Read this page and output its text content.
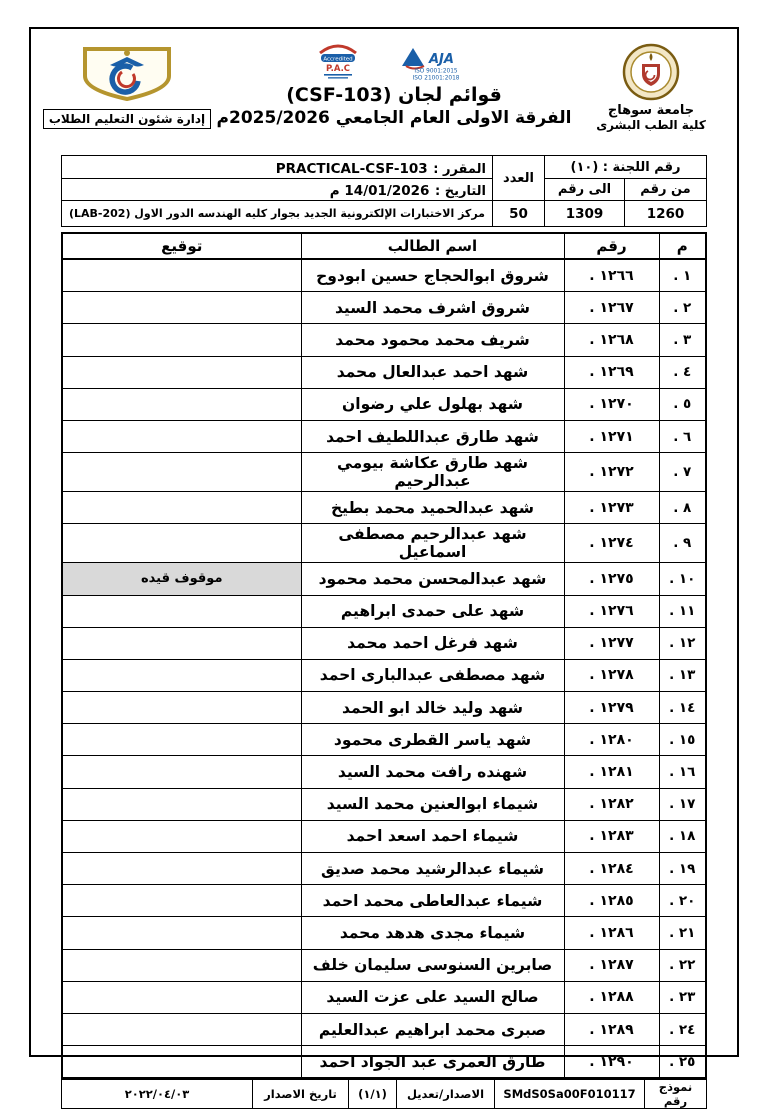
جامعة سوهاج
كلية الطب البشرى
Accredited
P.A.C
AJA
ISO 9001:2015
ISO 21001:2018
قوائم لجان (CSF-103)
الفرقة الاولى العام الجامعي 2025/2026م
إدارة شئون التعليم الطلاب
رقم اللجنة : (١٠)		العدد	المقرر : PRACTICAL-CSF-103
من رقم	الى رقم		التاريخ : 14/01/2026 م
1260	1309	50	مركز الاختبارات الإلكترونية الجديد بجوار كليه الهندسه الدور الاول (LAB-202)
م	رقم	اسم الطالب	توقيع
١ .	١٢٦٦ .	شروق ابوالحجاج حسين ابودوح	
٢ .	١٢٦٧ .	شروق اشرف محمد السيد	
٣ .	١٢٦٨ .	شريف محمد محمود محمد	
٤ .	١٢٦٩ .	شهد احمد عبدالعال محمد	
٥ .	١٢٧٠ .	شهد بهلول علي رضوان	
٦ .	١٢٧١ .	شهد طارق عبداللطيف احمد	
٧ .	١٢٧٢ .	شهد طارق عكاشة بيومي عبدالرحيم	
٨ .	١٢٧٣ .	شهد عبدالحميد محمد بطيخ	
٩ .	١٢٧٤ .	شهد عبدالرحيم مصطفى اسماعيل	
١٠ .	١٢٧٥ .	شهد عبدالمحسن محمد محمود	موقوف قيده
١١ .	١٢٧٦ .	شهد على حمدى ابراهيم	
١٢ .	١٢٧٧ .	شهد فرغل احمد محمد	
١٣ .	١٢٧٨ .	شهد مصطفى عبدالبارى احمد	
١٤ .	١٢٧٩ .	شهد وليد خالد ابو الحمد	
١٥ .	١٢٨٠ .	شهد ياسر القطرى محمود	
١٦ .	١٢٨١ .	شهنده رافت محمد السيد	
١٧ .	١٢٨٢ .	شيماء ابوالعنين محمد السيد	
١٨ .	١٢٨٣ .	شيماء احمد اسعد احمد	
١٩ .	١٢٨٤ .	شيماء عبدالرشيد محمد صديق	
٢٠ .	١٢٨٥ .	شيماء عبدالعاطى محمد احمد	
٢١ .	١٢٨٦ .	شيماء مجدى هدهد محمد	
٢٢ .	١٢٨٧ .	صابرين السنوسى سليمان خلف	
٢٣ .	١٢٨٨ .	صالح السيد على عزت السيد	
٢٤ .	١٢٨٩ .	صبرى محمد ابراهيم عبدالعليم	
٢٥ .	١٢٩٠ .	طارق العمرى عبد الجواد احمد	
نموذج رقم	SMdS0Sa00F010117	الاصدار/تعديل	(١/١)	تاريخ الاصدار	٢٠٢٢/٠٤/٠٣
